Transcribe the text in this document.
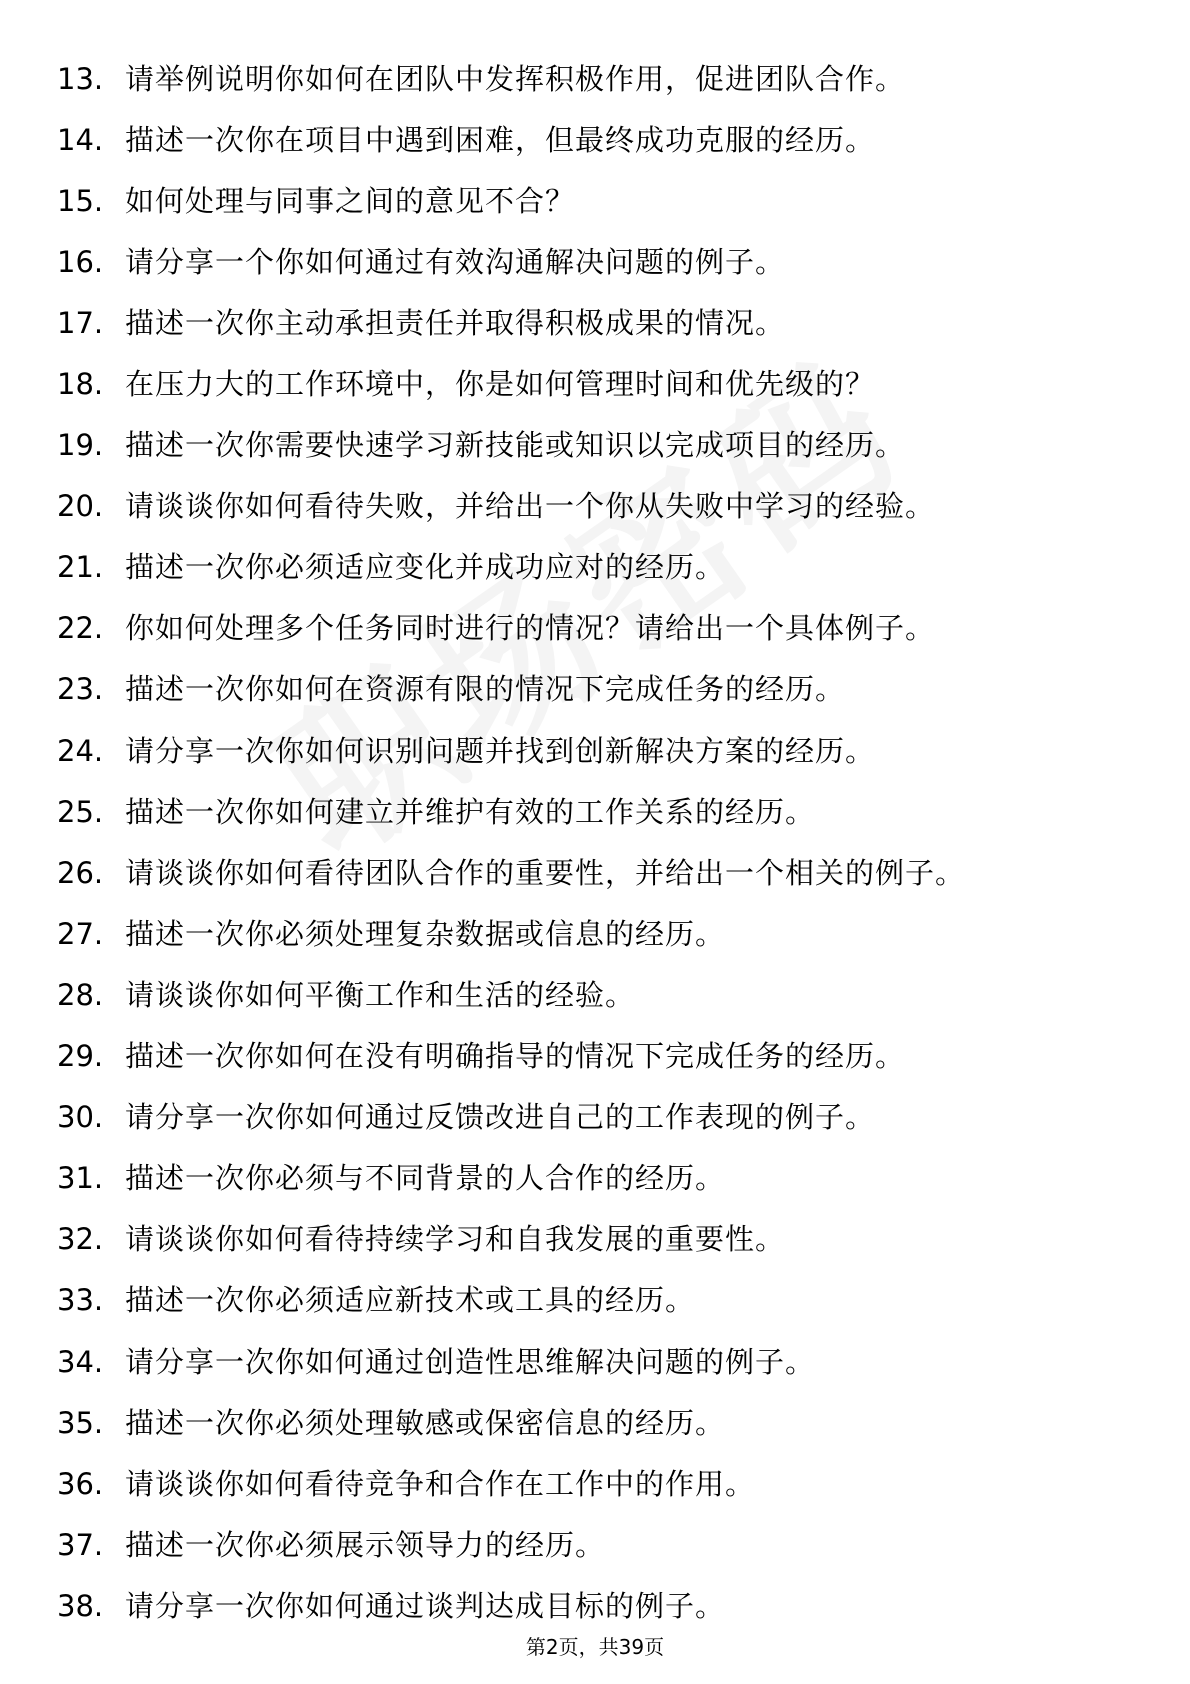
13. 请举例说明你如何在团队中发挥积极作用，促进团队合作。
14. 描述一次你在项目中遇到困难，但最终成功克服的经历。
15. 如何处理与同事之间的意见不合？
16. 请分享一个你如何通过有效沟通解决问题的例子。
17. 描述一次你主动承担责任并取得积极成果的情况。
18. 在压力大的工作环境中，你是如何管理时间和优先级的？
19. 描述一次你需要快速学习新技能或知识以完成项目的经历。
20. 请谈谈你如何看待失败，并给出一个你从失败中学习的经验。
21. 描述一次你必须适应变化并成功应对的经历。
22. 你如何处理多个任务同时进行的情况？请给出一个具体例子。
23. 描述一次你如何在资源有限的情况下完成任务的经历。
24. 请分享一次你如何识别问题并找到创新解决方案的经历。
25. 描述一次你如何建立并维护有效的工作关系的经历。
26. 请谈谈你如何看待团队合作的重要性，并给出一个相关的例子。
27. 描述一次你必须处理复杂数据或信息的经历。
28. 请谈谈你如何平衡工作和生活的经验。
29. 描述一次你如何在没有明确指导的情况下完成任务的经历。
30. 请分享一次你如何通过反馈改进自己的工作表现的例子。
31. 描述一次你必须与不同背景的人合作的经历。
32. 请谈谈你如何看待持续学习和自我发展的重要性。
33. 描述一次你必须适应新技术或工具的经历。
34. 请分享一次你如何通过创造性思维解决问题的例子。
35. 描述一次你必须处理敏感或保密信息的经历。
36. 请谈谈你如何看待竞争和合作在工作中的作用。
37. 描述一次你必须展示领导力的经历。
38. 请分享一次你如何通过谈判达成目标的例子。
第2页，共39页
